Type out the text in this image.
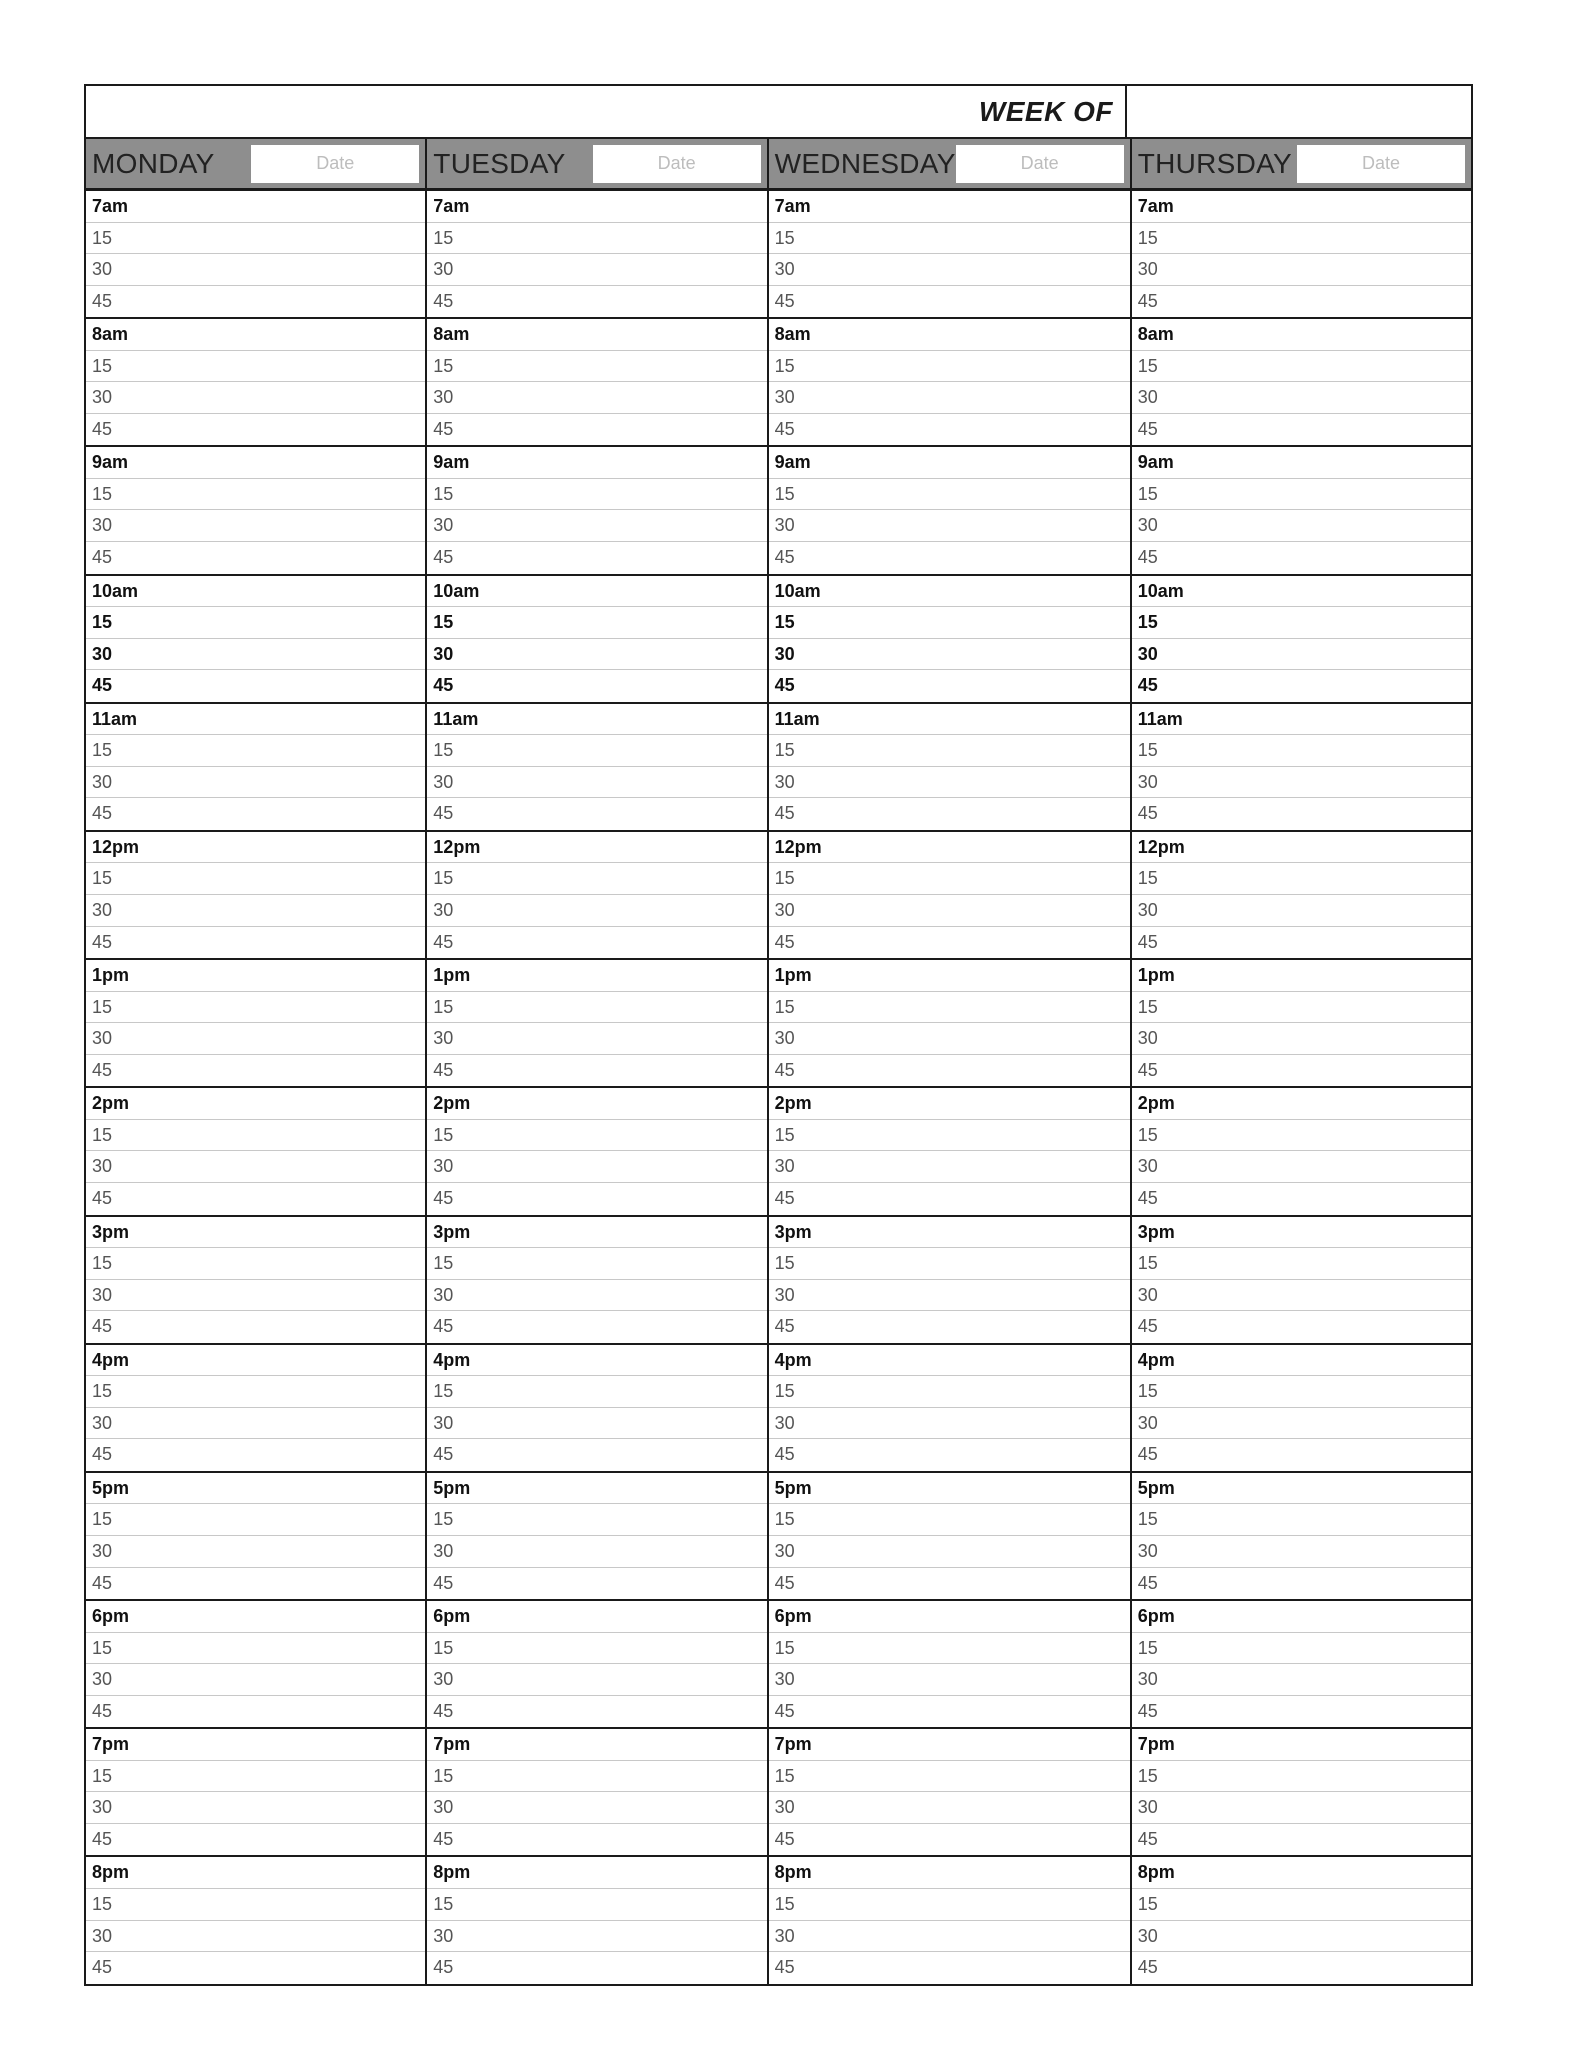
WEEK OF
MONDAY
Date
7am
15
30
45
8am
15
30
45
9am
15
30
45
10am
15
30
45
11am
15
30
45
12pm
15
30
45
1pm
15
30
45
2pm
15
30
45
3pm
15
30
45
4pm
15
30
45
5pm
15
30
45
6pm
15
30
45
7pm
15
30
45
8pm
15
30
45
TUESDAY
Date
7am
15
30
45
8am
15
30
45
9am
15
30
45
10am
15
30
45
11am
15
30
45
12pm
15
30
45
1pm
15
30
45
2pm
15
30
45
3pm
15
30
45
4pm
15
30
45
5pm
15
30
45
6pm
15
30
45
7pm
15
30
45
8pm
15
30
45
WEDNESDAY
Date
7am
15
30
45
8am
15
30
45
9am
15
30
45
10am
15
30
45
11am
15
30
45
12pm
15
30
45
1pm
15
30
45
2pm
15
30
45
3pm
15
30
45
4pm
15
30
45
5pm
15
30
45
6pm
15
30
45
7pm
15
30
45
8pm
15
30
45
THURSDAY
Date
7am
15
30
45
8am
15
30
45
9am
15
30
45
10am
15
30
45
11am
15
30
45
12pm
15
30
45
1pm
15
30
45
2pm
15
30
45
3pm
15
30
45
4pm
15
30
45
5pm
15
30
45
6pm
15
30
45
7pm
15
30
45
8pm
15
30
45
